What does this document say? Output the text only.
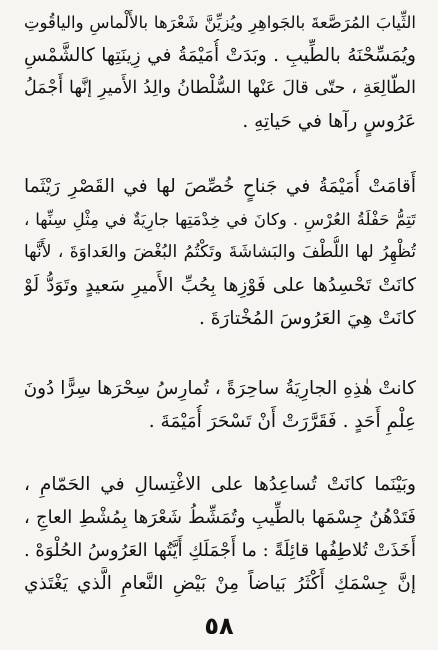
الثِّيابَ المُرَصَّعةَ بالجَواهِرِ ويُزيِّنَّ شَعْرَها بالأَلْماسِ والياقُوتِ
ويُمَسِّحْنَهُ بالطِّيبِ . وبَدَتْ أُمَيْمَةُ في زِينَتِها كالشَّمْسِ
الطّالِعَةِ ، حتّى قالَ عَنْها السُّلْطانُ والِدُ الأَميرِ إنَّها أَجْمَلُ
عَرُوسٍ رآها في حَياتِهِ .
أَقامَتْ أُمَيْمَةُ في جَناحٍ خُصِّصَ لها في القَصْرِ رَيْثَما
تَتِمُّ حَفْلَةُ العُرْسِ . وكانَ في خِدْمَتِها جارِيَةٌ في مِثْلِ سِنِّها ،
تُظْهِرُ لها اللُّطْفَ والبَشاشَةَ وتَكْتُمُ البُغْضَ والعَداوَةَ ، لأَنَّها
كانَتْ تَحْسِدُها على فَوْزِها بِحُبِّ الأَميرِ سَعيدٍ وتَوَدُّ لَوْ
كانَتْ هِيَ العَرُوسَ المُخْتارَةَ .
كانتْ هٰذِهِ الجارِيَةُ ساحِرَةً ، تُمارِسُ سِحْرَها سِرًّا دُونَ
عِلْمِ أَحَدٍ . فَقَرَّرَتْ أَنْ تَسْحَرَ أُمَيْمَةَ .
وبَيْنَما كانَتْ تُساعِدُها على الاغْتِسالِ في الحَمّامِ ،
فَتَدْهُنُ جِسْمَها بالطِّيبِ وتُمَشِّطُ شَعْرَها بِمُشْطِ العاجِ ،
أَخَذَتْ تُلاطِفُها قائِلَةً : ما أَجْمَلَكِ أَيَّتُها العَرُوسُ الحُلْوَهْ .
إنَّ جِسْمَكِ أَكْثَرُ بَياضاً مِنْ بَيْضِ النَّعامِ الَّذي يَغْتَذي
٥٨
